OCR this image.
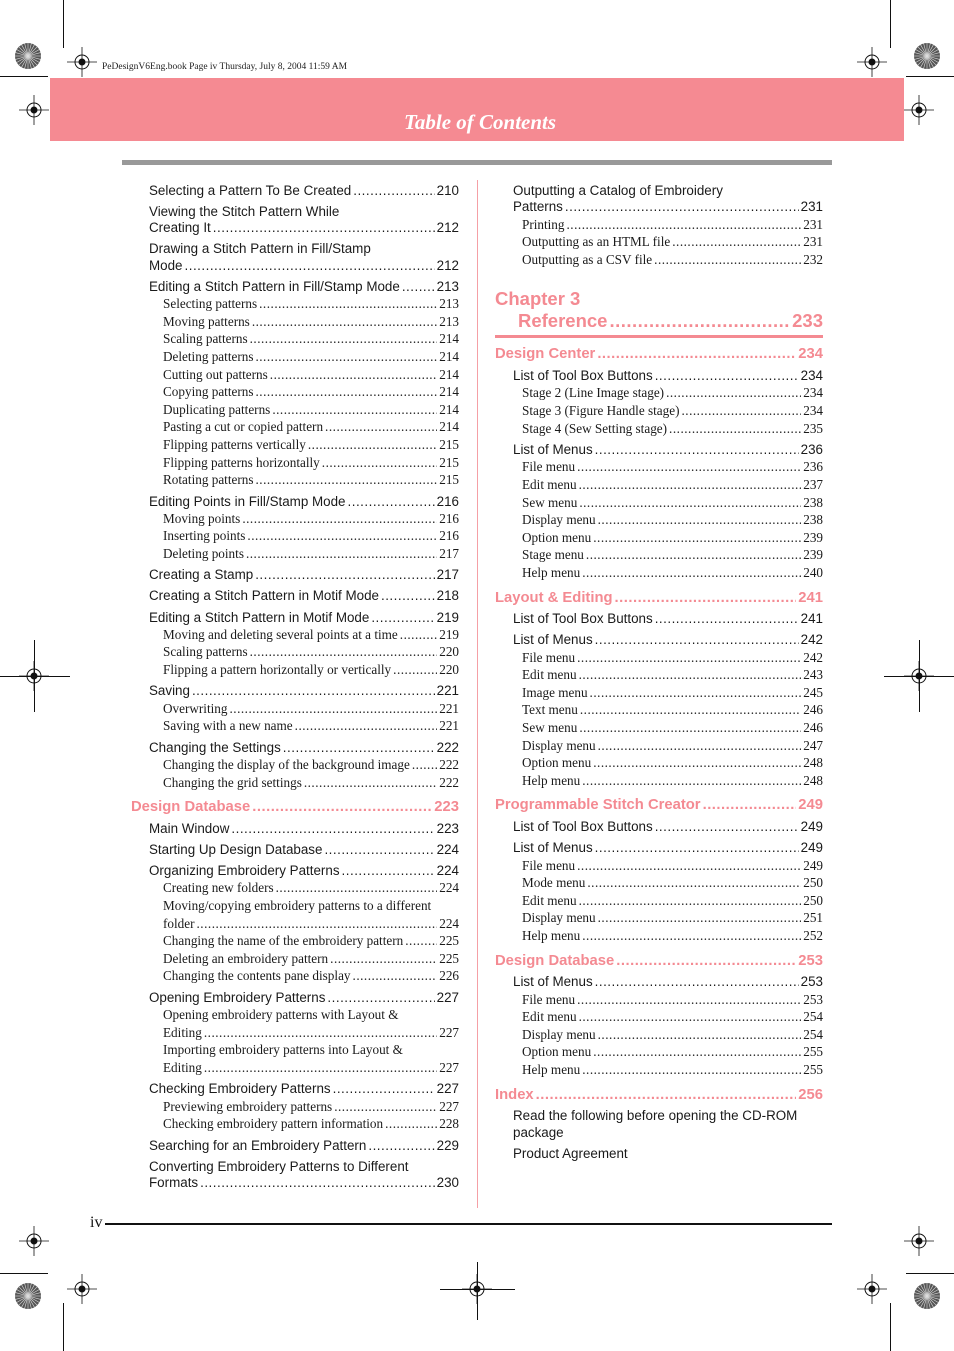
PeDesignV6Eng.book Page iv Thursday, July 8, 2004 11:59 AM
Table of Contents
Selecting a Pattern To Be Created .....	210
Viewing the Stitch Pattern While
Creating It .....	212
Drawing a Stitch Pattern in Fill/Stamp
Mode .....	212
Editing a Stitch Pattern in Fill/Stamp Mode .....	213
Selecting patterns .....	213
Moving patterns .....	213
Scaling patterns .....	214
Deleting patterns .....	214
Cutting out patterns .....	214
Copying patterns .....	214
Duplicating patterns .....	214
Pasting a cut or copied pattern .....	214
Flipping patterns vertically .....	215
Flipping patterns horizontally .....	215
Rotating patterns .....	215
Editing Points in Fill/Stamp Mode .....	216
Moving points .....	216
Inserting points .....	216
Deleting points .....	217
Creating a Stamp .....	217
Creating a Stitch Pattern in Motif Mode .....	218
Editing a Stitch Pattern in Motif Mode .....	219
Moving and deleting several points at a time .....	219
Scaling patterns .....	220
Flipping a pattern horizontally or vertically .....	220
Saving .....	221
Overwriting .....	221
Saving with a new name .....	221
Changing the Settings .....	222
Changing the display of the background image ..... 222
Changing the grid settings .....	222
Design Database .....	223
Main Window .....	223
Starting Up Design Database .....	224
Organizing Embroidery Patterns .....	224
Creating new folders .....	224
Moving/copying embroidery patterns to a different
folder .....	224
Changing the name of the embroidery pattern .....	225
Deleting an embroidery pattern .....	225
Changing the contents pane display .....	226
Opening Embroidery Patterns .....	227
Opening embroidery patterns with Layout &
Editing .....	227
Importing embroidery patterns into Layout &
Editing .....	227
Checking Embroidery Patterns .....	227
Previewing embroidery patterns .....	227
Checking embroidery pattern information .....	228
Searching for an Embroidery Pattern .....	229
Converting Embroidery Patterns to Different
Formats .....	230
Outputting a Catalog of Embroidery
Patterns .....	231
Printing .....	231
Outputting as an HTML file .....	231
Outputting as a CSV file .....	232
Chapter 3
Reference .....	233
Design Center .....	234
List of Tool Box Buttons .....	234
Stage 2 (Line Image stage) .....	234
Stage 3 (Figure Handle stage) .....	234
Stage 4 (Sew Setting stage) .....	235
List of Menus .....	236
File menu .....	236
Edit menu .....	237
Sew menu .....	238
Display menu .....	238
Option menu .....	239
Stage menu .....	239
Help menu .....	240
Layout & Editing .....	241
List of Tool Box Buttons .....	241
List of Menus .....	242
File menu .....	242
Edit menu .....	243
Image menu .....	245
Text menu .....	246
Sew menu .....	246
Display menu .....	247
Option menu .....	248
Help menu .....	248
Programmable Stitch Creator .....	249
List of Tool Box Buttons .....	249
List of Menus .....	249
File menu .....	249
Mode menu .....	250
Edit menu .....	250
Display menu .....	251
Help menu .....	252
Design Database .....	253
List of Menus .....	253
File menu .....	253
Edit menu .....	254
Display menu .....	254
Option menu .....	255
Help menu .....	255
Index .....	256
Read the following before opening the CD-ROM package
Product Agreement
iv
